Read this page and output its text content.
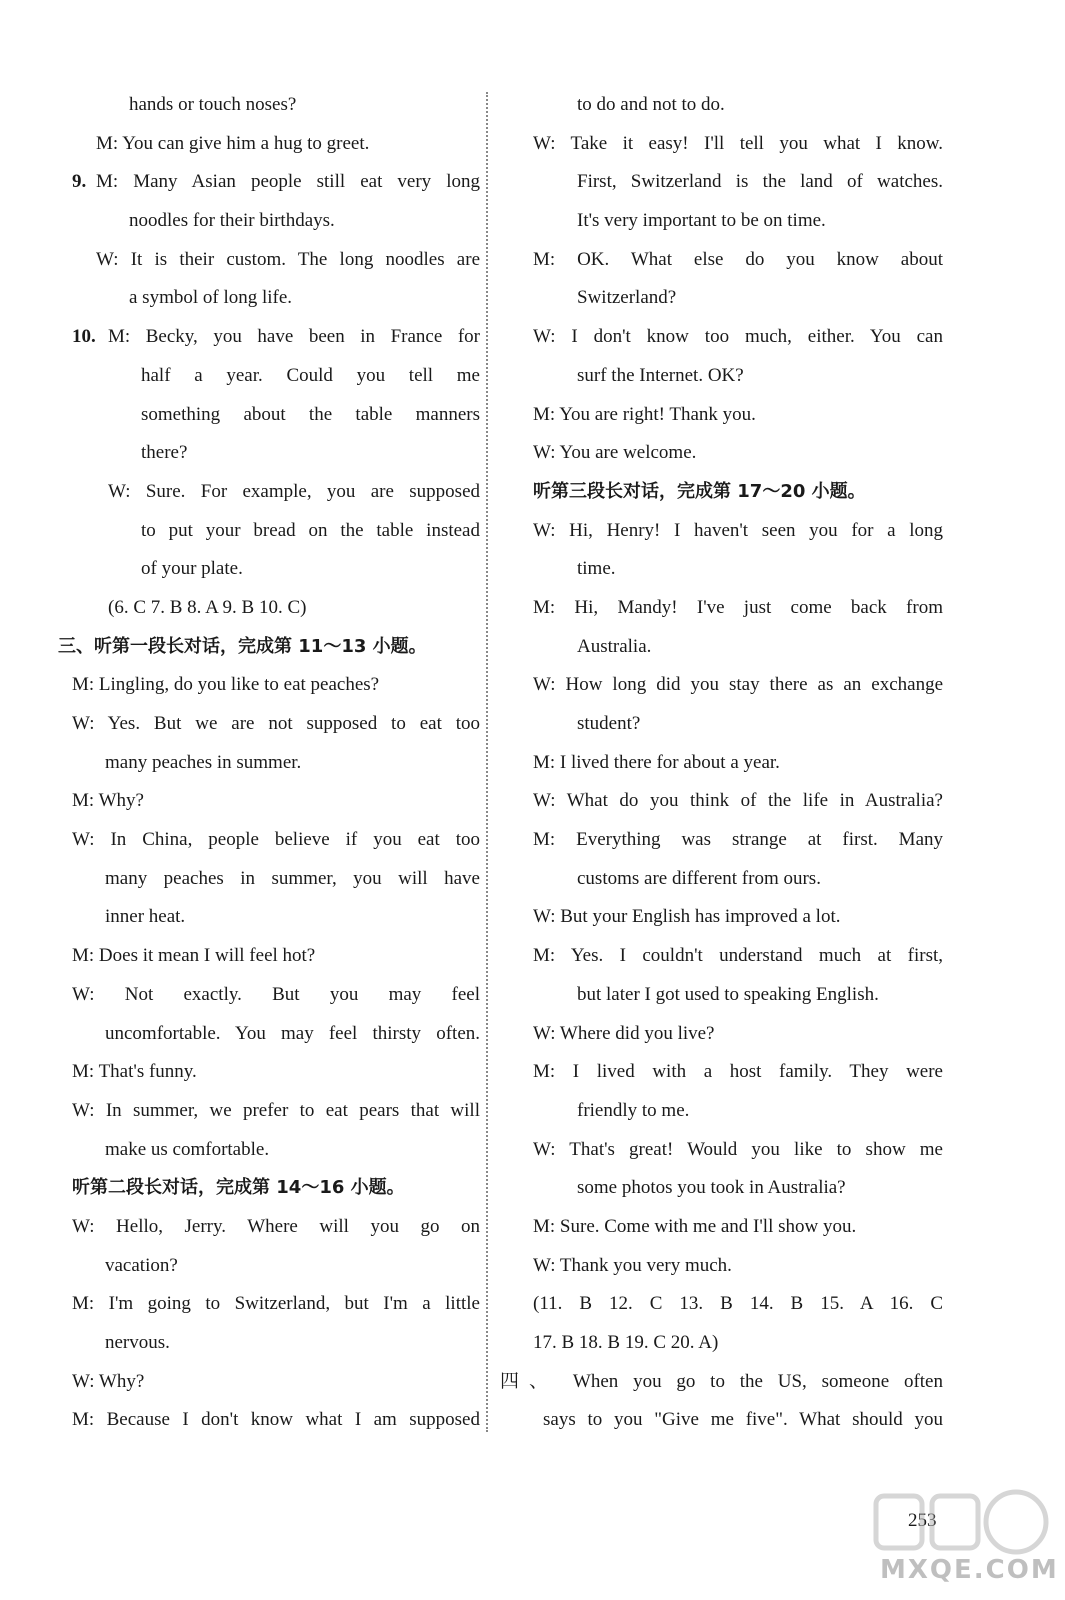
hands or touch noses?
M: You can give him a hug to greet.
9. M: Many Asian people still eat very long
noodles for their birthdays.
W: It is their custom. The long noodles are
a symbol of long life.
10. M: Becky, you have been in France for
half a year. Could you tell me
something about the table manners
there?
W: Sure. For example, you are supposed
to put your bread on the table instead
of your plate.
(6. C 7. B 8. A 9. B 10. C)
三、听第一段长对话，完成第 11～13 小题。
M: Lingling, do you like to eat peaches?
W: Yes. But we are not supposed to eat too
many peaches in summer.
M: Why?
W: In China, people believe if you eat too
many peaches in summer, you will have
inner heat.
M: Does it mean I will feel hot?
W: Not exactly. But you may feel
uncomfortable. You may feel thirsty often.
M: That's funny.
W: In summer, we prefer to eat pears that will
make us comfortable.
听第二段长对话，完成第 14～16 小题。
W: Hello, Jerry. Where will you go on
vacation?
M: I'm going to Switzerland, but I'm a little
nervous.
W: Why?
M: Because I don't know what I am supposed
to do and not to do.
W: Take it easy! I'll tell you what I know.
First, Switzerland is the land of watches.
It's very important to be on time.
M: OK. What else do you know about
Switzerland?
W: I don't know too much, either. You can
surf the Internet. OK?
M: You are right! Thank you.
W: You are welcome.
听第三段长对话，完成第 17～20 小题。
W: Hi, Henry! I haven't seen you for a long
time.
M: Hi, Mandy! I've just come back from
Australia.
W: How long did you stay there as an exchange
student?
M: I lived there for about a year.
W: What do you think of the life in Australia?
M: Everything was strange at first. Many
customs are different from ours.
W: But your English has improved a lot.
M: Yes. I couldn't understand much at first,
but later I got used to speaking English.
W: Where did you live?
M: I lived with a host family. They were
friendly to me.
W: That's great! Would you like to show me
some photos you took in Australia?
M: Sure. Come with me and I'll show you.
W: Thank you very much.
(11. B 12. C 13. B 14. B 15. A 16. C
17. B 18. B 19. C 20. A)
四、 When you go to the US, someone often
says to you "Give me five". What should you
253
MXQE.COM
